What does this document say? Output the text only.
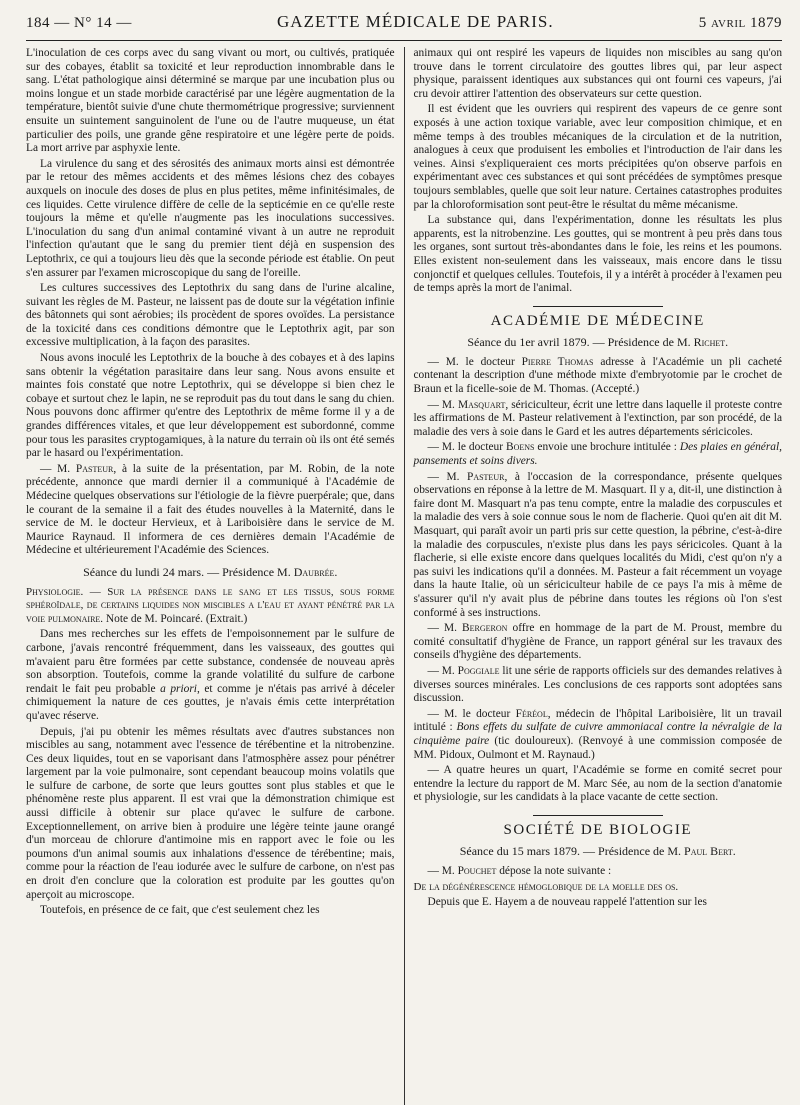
184 — N° 14 —	GAZETTE MÉDICALE DE PARIS.	5 avril 1879

L'inoculation de ces corps avec du sang vivant ou mort, ou cultivés, pratiquée sur des cobayes, établit sa toxicité et leur reproduction innombrable dans le sang. L'état pathologique ainsi déterminé se marque par une incubation plus ou moins longue et un stade morbide caractérisé par une légère augmentation de la température, bientôt suivie d'une chute thermométrique progressive; surviennent ensuite un suintement sanguinolent de l'une ou de l'autre muqueuse, un état particulier des poils, une grande gêne respiratoire et une légère perte de poids. La mort arrive par asphyxie lente.

La virulence du sang et des sérosités des animaux morts ainsi est démontrée par le retour des mêmes accidents et des mêmes lésions chez des cobayes auxquels on inocule des doses de plus en plus petites, même infinitésimales, de ces liquides. Cette virulence diffère de celle de la septicémie en ce qu'elle reste toujours la même et qu'elle n'augmente pas les inoculations successives. L'inoculation du sang d'un animal contaminé vivant à un autre ne reproduit l'infection qu'autant que le sang du premier tient déjà en suspension des Leptothrix, ce qui a toujours lieu dès que la seconde période est établie. On peut s'en assurer par l'examen microscopique du sang de l'oreille.

Les cultures successives des Leptothrix du sang dans de l'urine alcaline, suivant les règles de M. Pasteur, ne laissent pas de doute sur la végétation infinie des bâtonnets qui sont aérobies; ils procèdent de spores ovoïdes. La persistance de la toxicité dans ces conditions démontre que le Leptothrix agit, par son excessive multiplication, à la façon des parasites.

Nous avons inoculé les Leptothrix de la bouche à des cobayes et à des lapins sans obtenir la végétation parasitaire dans leur sang. Nous avons ensuite et maintes fois constaté que notre Leptothrix, qui se développe si bien chez le cobaye et surtout chez le lapin, ne se reproduit pas du tout dans le sang du chien. Nous pouvons donc affirmer qu'entre des Leptothrix de même forme il y a de grandes différences vitales, et que leur développement est subordonné, comme pour tous les parasites cryptogamiques, à la nature du terrain où ils ont été semés par le hasard ou l'expérimentation.

— M. Pasteur, à la suite de la présentation, par M. Robin, de la note précédente, annonce que mardi dernier il a communiqué à l'Académie de Médecine quelques observations sur l'étiologie de la fièvre puerpérale; que, dans le courant de la semaine il a fait des études nouvelles à la Maternité, dans le service de M. le docteur Hervieux, et à Lariboisière dans le service de M. Maurice Raynaud. Il informera de ces dernières demain l'Académie de Médecine et ultérieurement l'Académie des Sciences.

Séance du lundi 24 mars. — Présidence M. Daubrée.

Physiologie. — Sur la présence dans le sang et les tissus, sous forme sphéroïdale, de certains liquides non miscibles a l'eau et ayant pénétré par la voie pulmonaire. Note de M. Poincaré. (Extrait.)

Dans mes recherches sur les effets de l'empoisonnement par le sulfure de carbone, j'avais rencontré fréquemment, dans les vaisseaux, des gouttes qui m'avaient paru être formées par cette substance, condensée de nouveau après son absorption. Toutefois, comme la grande volatilité du sulfure de carbone rendait le fait peu probable a priori, et comme je n'étais pas arrivé à déceler chimiquement la nature de ces gouttes, je n'avais émis cette interprétation qu'avec réserve.

Depuis, j'ai pu obtenir les mêmes résultats avec d'autres substances non miscibles au sang, notamment avec l'essence de térébentine et la nitrobenzine. Ces deux liquides, tout en se vaporisant dans l'atmosphère assez pour pénétrer largement par la voie pulmonaire, sont cependant beaucoup moins volatils que le sulfure de carbone, de sorte que leurs gouttes sont plus stables et que le phénomène reste plus apparent. Il est vrai que la démonstration chimique est aussi difficile à obtenir sur place qu'avec le sulfure de carbone. Exceptionnellement, on arrive bien à produire une légère teinte jaune orangé d'un morceau de chlorure d'antimoine mis en rapport avec le foie ou les poumons d'un animal soumis aux inhalations d'essence de térébentine; mais, comme pour la réaction de l'eau iodurée avec le sulfure de carbone, on n'est pas en droit d'en conclure que la coloration est produite par les gouttes qu'on aperçoit au microscope.

Toutefois, en présence de ce fait, que c'est seulement chez les

animaux qui ont respiré les vapeurs de liquides non miscibles au sang qu'on trouve dans le torrent circulatoire des gouttes libres qui, par leur aspect physique, paraissent identiques aux substances qui ont fourni ces vapeurs, j'ai cru devoir attirer l'attention des observateurs sur cette question.

Il est évident que les ouvriers qui respirent des vapeurs de ce genre sont exposés à une action toxique variable, avec leur composition chimique, et en même temps à des troubles mécaniques de la circulation et de la nutrition, analogues à ceux que produisent les embolies et l'introduction de l'air dans les veines. Ainsi s'expliqueraient ces morts précipitées qu'on observe parfois en expérimentant avec ces substances et qui sont précédées de symptômes presque toujours semblables, quelle que soit leur nature. Certaines catastrophes produites par la chloroformisation sont peut-être le résultat du même mécanisme.

La substance qui, dans l'expérimentation, donne les résultats les plus apparents, est la nitrobenzine. Les gouttes, qui se montrent à peu près dans tous les organes, sont surtout très-abondantes dans le foie, les reins et les poumons. Elles existent non-seulement dans les vaisseaux, mais encore dans le tissu conjonctif et quelques cellules. Toutefois, il y a intérêt à procéder à l'examen peu de temps après la mort de l'animal.

ACADÉMIE DE MÉDECINE

Séance du 1er avril 1879. — Présidence de M. Richet.

— M. le docteur Pierre Thomas adresse à l'Académie un pli cacheté contenant la description d'une méthode mixte d'embryotomie par le crochet de Braun et la ficelle-soie de M. Thomas. (Accepté.)

— M. Masquart, sériciculteur, écrit une lettre dans laquelle il proteste contre les affirmations de M. Pasteur relativement à l'extinction, par son procédé, de la maladie des vers à soie dans le Gard et les autres départements séricicoles.

— M. le docteur Boens envoie une brochure intitulée : Des plaies en général, pansements et soins divers.

— M. Pasteur, à l'occasion de la correspondance, présente quelques observations en réponse à la lettre de M. Masquart. Il y a, dit-il, une distinction à faire dont M. Masquart n'a pas tenu compte, entre la maladie des corpuscules et la maladie des vers à soie connue sous le nom de flacherie. Quoi qu'en ait dit M. Masquart, qui paraît avoir un parti pris sur cette question, la pébrine, c'est-à-dire la maladie des corpuscules, n'existe plus dans les pays séricicoles. Quant à la flacherie, si elle existe encore dans quelques localités du Midi, c'est qu'on n'y a pas suivi les indications qu'il a données. M. Pasteur a fait récemment un voyage dans la haute Italie, où un sériciculteur habile de ce pays l'a mis à même de s'assurer qu'il n'y avait plus de pébrine dans toutes les régions où l'on s'est conformé à ses instructions.

— M. Bergeron offre en hommage de la part de M. Proust, membre du comité consultatif d'hygiène de France, un rapport général sur les travaux des conseils d'hygiène des départements.

— M. Poggiale lit une série de rapports officiels sur des demandes relatives à diverses sources minérales. Les conclusions de ces rapports sont adoptées sans discussion.

— M. le docteur Féréol, médecin de l'hôpital Lariboisière, lit un travail intitulé : Bons effets du sulfate de cuivre ammoniacal contre la névralgie de la cinquième paire (tic douloureux). (Renvoyé à une commission composée de MM. Pidoux, Oulmont et M. Raynaud.)

— A quatre heures un quart, l'Académie se forme en comité secret pour entendre la lecture du rapport de M. Marc Sée, au nom de la section d'anatomie et physiologie, sur les candidats à la place vacante de cette section.

SOCIÉTÉ DE BIOLOGIE

Séance du 15 mars 1879. — Présidence de M. Paul Bert.

— M. Pouchet dépose la note suivante :

De la dégénérescence hémoglobique de la moelle des os.

Depuis que E. Hayem a de nouveau rappelé l'attention sur les
